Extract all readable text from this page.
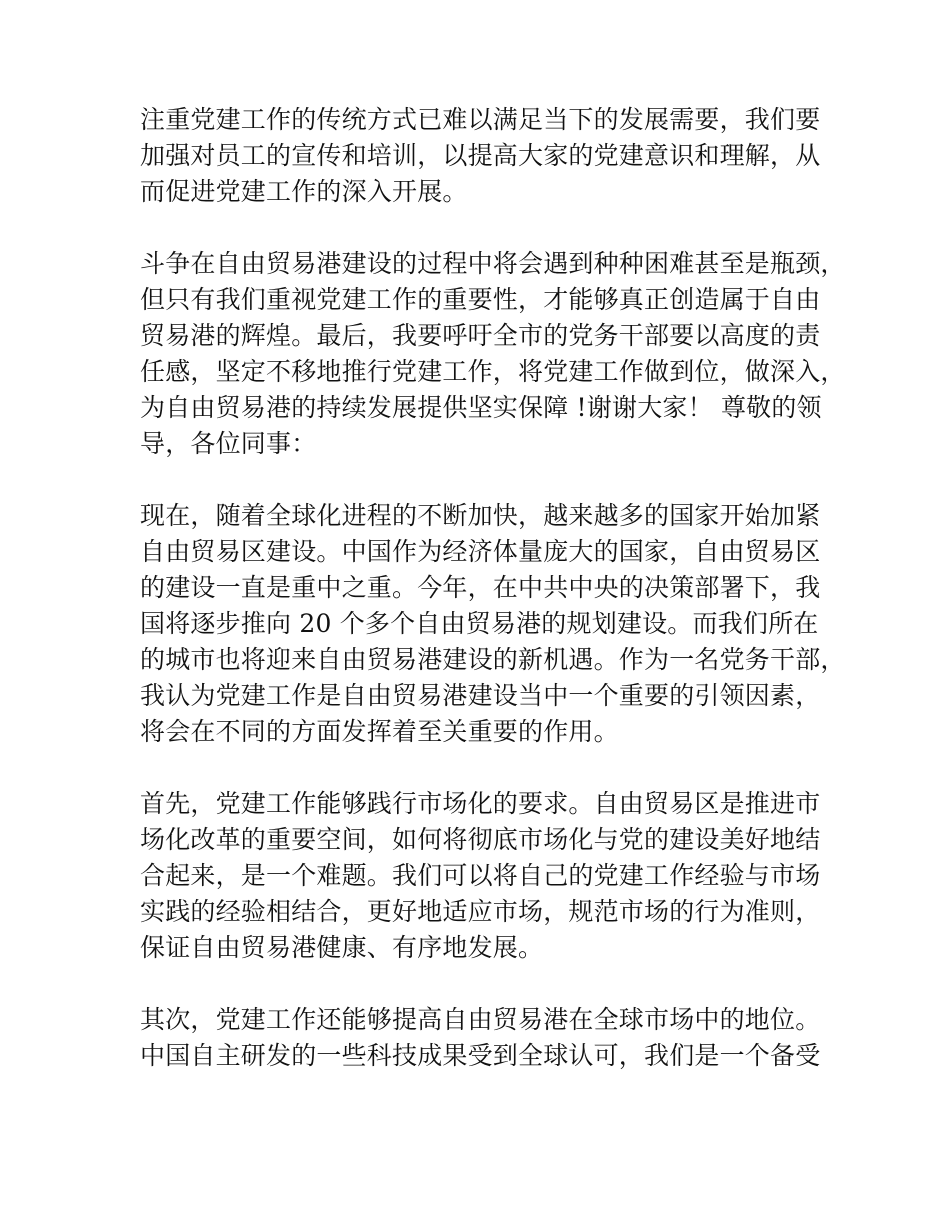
注重党建工作的传统方式已难以满足当下的发展需要，我们要
加强对员工的宣传和培训，以提高大家的党建意识和理解，从
而促进党建工作的深入开展。
斗争在自由贸易港建设的过程中将会遇到种种困难甚至是瓶颈，
但只有我们重视党建工作的重要性，才能够真正创造属于自由
贸易港的辉煌。最后，我要呼吁全市的党务干部要以高度的责
任感，坚定不移地推行党建工作，将党建工作做到位，做深入，
为自由贸易港的持续发展提供坚实保障 !谢谢大家！ 尊敬的领
导，各位同事：
现在，随着全球化进程的不断加快，越来越多的国家开始加紧
自由贸易区建设。中国作为经济体量庞大的国家，自由贸易区
的建设一直是重中之重。今年，在中共中央的决策部署下，我
国将逐步推向 20 个多个自由贸易港的规划建设。而我们所在
的城市也将迎来自由贸易港建设的新机遇。作为一名党务干部，
我认为党建工作是自由贸易港建设当中一个重要的引领因素，
将会在不同的方面发挥着至关重要的作用。
首先，党建工作能够践行市场化的要求。自由贸易区是推进市
场化改革的重要空间，如何将彻底市场化与党的建设美好地结
合起来，是一个难题。我们可以将自己的党建工作经验与市场
实践的经验相结合，更好地适应市场，规范市场的行为准则，
保证自由贸易港健康、有序地发展。
其次，党建工作还能够提高自由贸易港在全球市场中的地位。
中国自主研发的一些科技成果受到全球认可，我们是一个备受
